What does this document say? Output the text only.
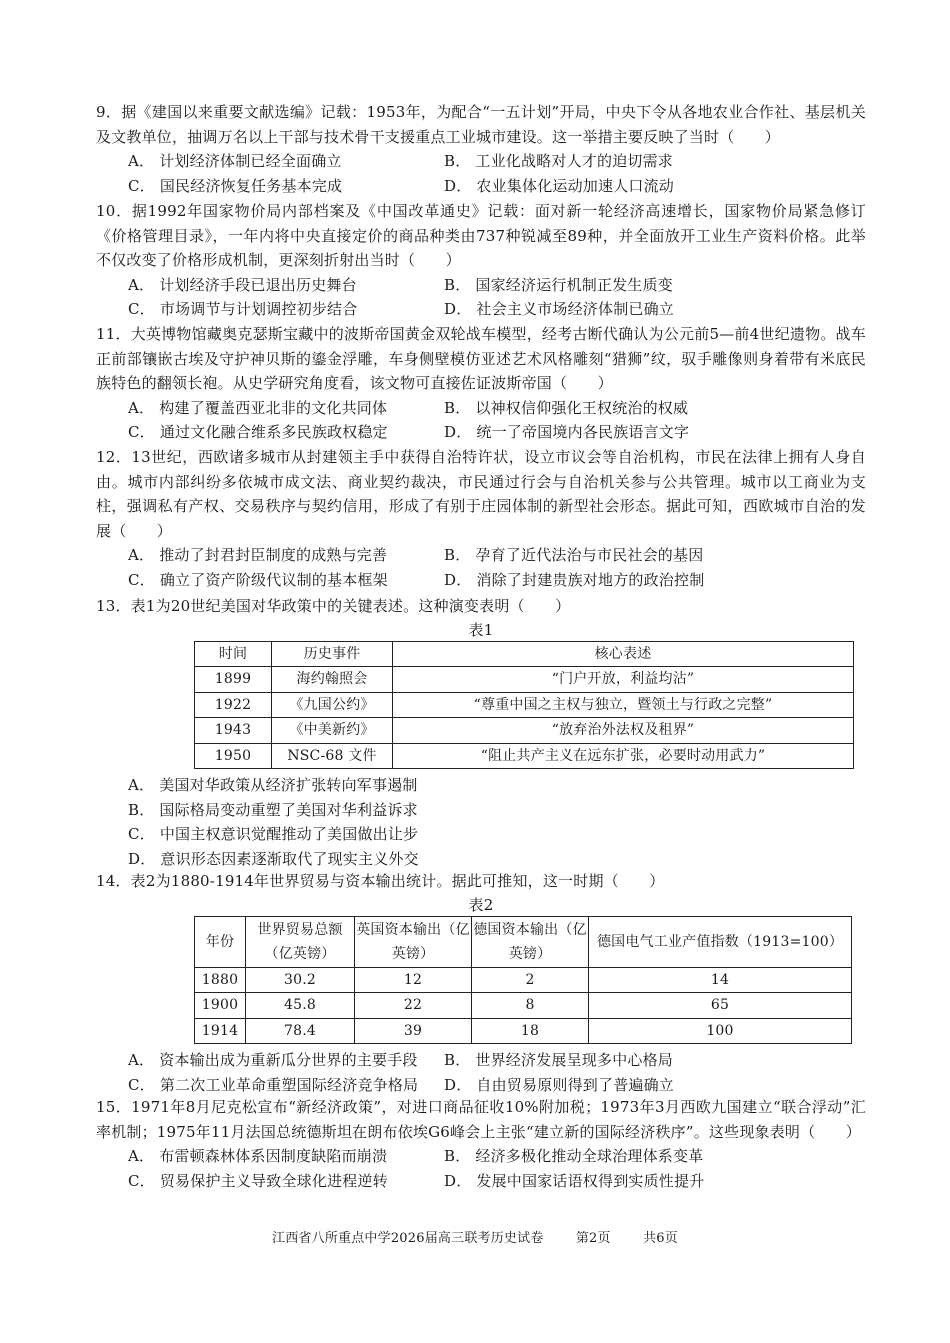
9．据《建国以来重要文献选编》记载：1953年，为配合“一五计划”开局，中央下令从各地农业合作社、基层机关及文教单位，抽调万名以上干部与技术骨干支援重点工业城市建设。这一举措主要反映了当时（　　）

A． 计划经济体制已经全面确立	B． 工业化战略对人才的迫切需求
C． 国民经济恢复任务基本完成	D． 农业集体化运动加速人口流动

10．据1992年国家物价局内部档案及《中国改革通史》记载：面对新一轮经济高速增长，国家物价局紧急修订《价格管理目录》，一年内将中央直接定价的商品种类由737种锐减至89种，并全面放开工业生产资料价格。此举不仅改变了价格形成机制，更深刻折射出当时（　　）

A． 计划经济手段已退出历史舞台	B． 国家经济运行机制正发生质变
C． 市场调节与计划调控初步结合	D． 社会主义市场经济体制已确立

11．大英博物馆藏奥克瑟斯宝藏中的波斯帝国黄金双轮战车模型，经考古断代确认为公元前5—前4世纪遗物。战车正前部镶嵌古埃及守护神贝斯的鎏金浮雕，车身侧壁模仿亚述艺术风格雕刻“猎狮”纹，驭手雕像则身着带有米底民族特色的翻领长袍。从史学研究角度看，该文物可直接佐证波斯帝国（　　）

A． 构建了覆盖西亚北非的文化共同体	B． 以神权信仰强化王权统治的权威
C． 通过文化融合维系多民族政权稳定	D． 统一了帝国境内各民族语言文字

12．13世纪，西欧诸多城市从封建领主手中获得自治特许状，设立市议会等自治机构，市民在法律上拥有人身自由。城市内部纠纷多依城市成文法、商业契约裁决，市民通过行会与自治机关参与公共管理。城市以工商业为支柱，强调私有产权、交易秩序与契约信用，形成了有别于庄园体制的新型社会形态。据此可知，西欧城市自治的发展（　　）

A． 推动了封君封臣制度的成熟与完善	B． 孕育了近代法治与市民社会的基因
C． 确立了资产阶级代议制的基本框架	D． 消除了封建贵族对地方的政治控制

13．表1为20世纪美国对华政策中的关键表述。这种演变表明（　　）

表1
时间	历史事件	核心表述
1899	海约翰照会	“门户开放，利益均沾”
1922	《九国公约》	“尊重中国之主权与独立，暨领土与行政之完整”
1943	《中美新约》	“放弃治外法权及租界”
1950	NSC-68 文件	“阻止共产主义在远东扩张，必要时动用武力”
A． 美国对华政策从经济扩张转向军事遏制
B． 国际格局变动重塑了美国对华利益诉求
C． 中国主权意识觉醒推动了美国做出让步
D． 意识形态因素逐渐取代了现实主义外交

14．表2为1880-1914年世界贸易与资本输出统计。据此可推知，这一时期（　　）

表2
年份	世界贸易总额（亿英镑）	英国资本输出（亿英镑）	德国资本输出（亿英镑）	德国电气工业产值指数（1913=100）
1880	30.2	12	2	14
1900	45.8	22	8	65
1914	78.4	39	18	100
A． 资本输出成为重新瓜分世界的主要手段	B． 世界经济发展呈现多中心格局
C． 第二次工业革命重塑国际经济竞争格局	D． 自由贸易原则得到了普遍确立

15．1971年8月尼克松宣布“新经济政策”，对进口商品征收10%附加税；1973年3月西欧九国建立“联合浮动”汇率机制；1975年11月法国总统德斯坦在朗布依埃G6峰会上主张“建立新的国际经济秩序”。这些现象表明（　　）

A． 布雷顿森林体系因制度缺陷而崩溃	B． 经济多极化推动全球治理体系变革
C． 贸易保护主义导致全球化进程逆转	D． 发展中国家话语权得到实质性提升
江西省八所重点中学2026届高三联考历史试卷 第2页 共6页
